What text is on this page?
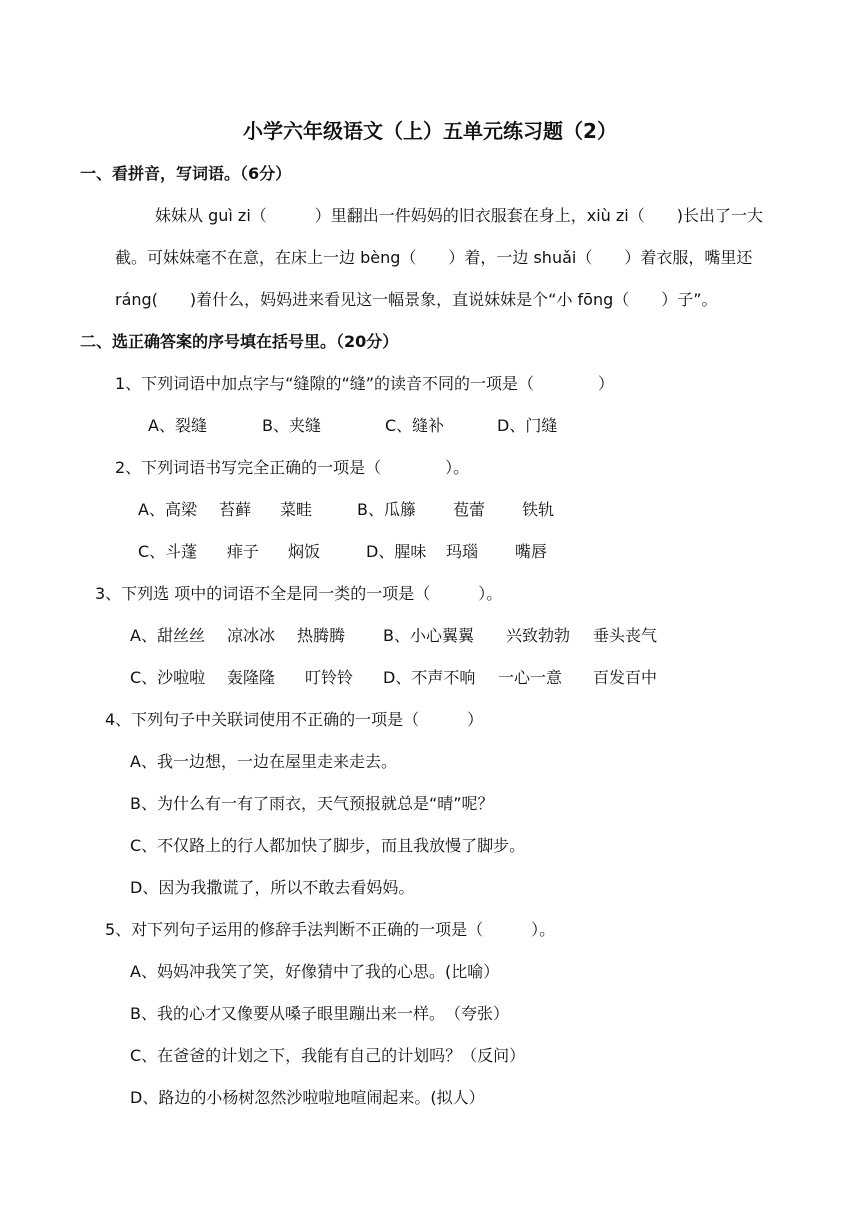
小学六年级语文（上）五单元练习题（2）
一、看拼音，写词语。（6分）
妹妹从 guì zi（　　　）里翻出一件妈妈的旧衣服套在身上，xiù zi（　　)长出了一大
截。可妹妹毫不在意，在床上一边 bèng（　　）着，一边 shuǎi（　　）着衣服，嘴里还
ráng(　　)着什么，妈妈进来看见这一幅景象，直说妹妹是个“小 fōng（　　）子”。
二、选正确答案的序号填在括号里。（20分）
1、下列词语中加点字与“缝隙的“缝”的读音不同的一项是（　　　　）
A、裂缝	B、夹缝	C、缝补	D、门缝
2、下列词语书写完全正确的一项是（　　　　）。
A、高梁 苔藓 菜畦	B、瓜籐 苞蕾 铁轨
C、斗蓬 痱子 焖饭	D、腥味 玛瑙 嘴唇
3、下列选 项中的词语不全是同一类的一项是（　　　）。
A、甜丝丝 凉冰冰 热腾腾 B、小心翼翼 兴致勃勃 垂头丧气
C、沙啦啦 轰隆隆 叮铃铃 D、不声不响 一心一意 百发百中
4、下列句子中关联词使用不正确的一项是（　　　）
A、我一边想，一边在屋里走来走去。
B、为什么有一有了雨衣，天气预报就总是“晴”呢？
C、不仅路上的行人都加快了脚步，而且我放慢了脚步。
D、因为我撒谎了，所以不敢去看妈妈。
5、对下列句子运用的修辞手法判断不正确的一项是（　　　）。
A、妈妈冲我笑了笑，好像猜中了我的心思。(比喻）
B、我的心才又像要从嗓子眼里蹦出来一样。　（夸张）
C、在爸爸的计划之下，我能有自己的计划吗？（反问）
D、路边的小杨树忽然沙啦啦地喧闹起来。(拟人）
